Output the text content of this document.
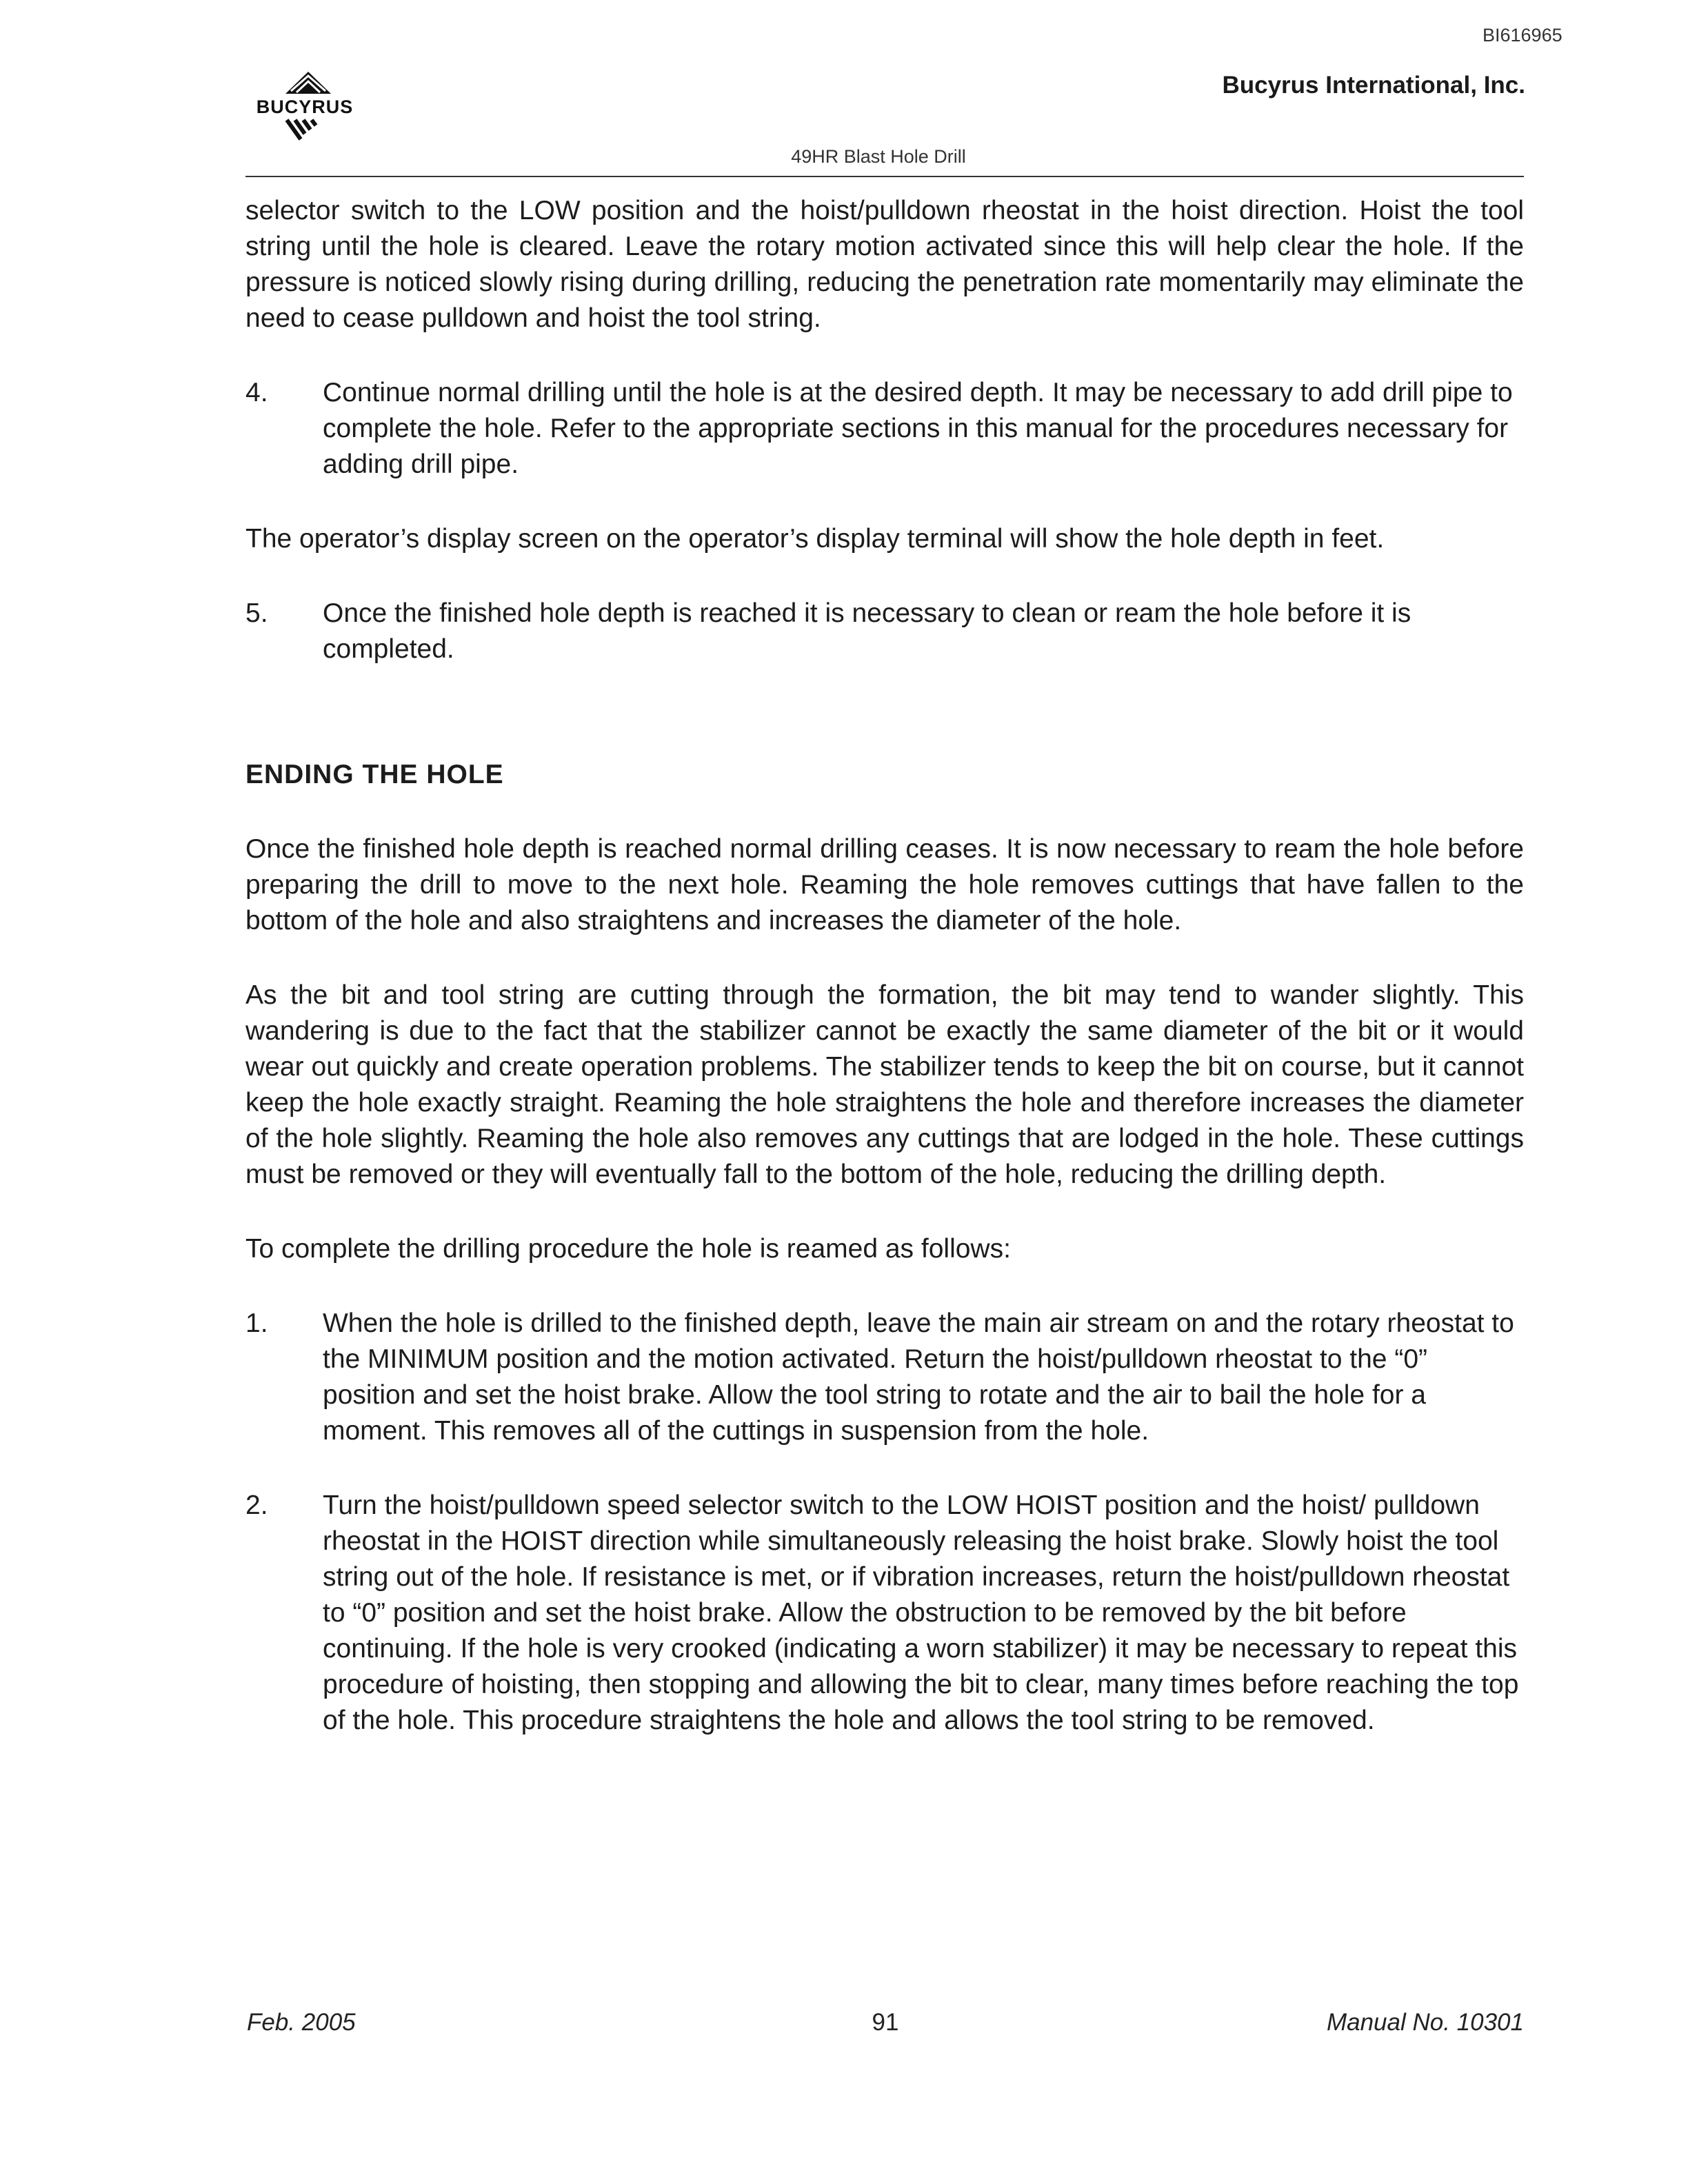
BI616965
BUCYRUS
Bucyrus International, Inc.
49HR Blast Hole Drill

selector switch to the LOW position and the hoist/pulldown rheostat in the hoist direction. Hoist the tool string until the hole is cleared. Leave the rotary motion activated since this will help clear the hole. If the pressure is noticed slowly rising during drilling, reducing the penetration rate momentarily may eliminate the need to cease pulldown and hoist the tool string.

4.	Continue normal drilling until the hole is at the desired depth. It may be necessary to add drill pipe to complete the hole. Refer to the appropriate sections in this manual for the procedures necessary for adding drill pipe.

The operator’s display screen on the operator’s display terminal will show the hole depth in feet.

5.	Once the finished hole depth is reached it is necessary to clean or ream the hole before it is completed.
ENDING THE HOLE

Once the finished hole depth is reached normal drilling ceases. It is now necessary to ream the hole before preparing the drill to move to the next hole. Reaming the hole removes cuttings that have fallen to the bottom of the hole and also straightens and increases the diameter of the hole.

As the bit and tool string are cutting through the formation, the bit may tend to wander slightly. This wandering is due to the fact that the stabilizer cannot be exactly the same diameter of the bit or it would wear out quickly and create operation problems. The stabilizer tends to keep the bit on course, but it cannot keep the hole exactly straight. Reaming the hole straightens the hole and therefore increases the diameter of the hole slightly. Reaming the hole also removes any cuttings that are lodged in the hole. These cuttings must be removed or they will eventually fall to the bottom of the hole, reducing the drilling depth.

To complete the drilling procedure the hole is reamed as follows:

1.	When the hole is drilled to the finished depth, leave the main air stream on and the rotary rheostat to the MINIMUM position and the motion activated. Return the hoist/pulldown rheostat to the “0” position and set the hoist brake. Allow the tool string to rotate and the air to bail the hole for a moment. This removes all of the cuttings in suspension from the hole.
2.	Turn the hoist/pulldown speed selector switch to the LOW HOIST position and the hoist/ pulldown rheostat in the HOIST direction while simultaneously releasing the hoist brake. Slowly hoist the tool string out of the hole. If resistance is met, or if vibration increases, return the hoist/pulldown rheostat to “0” position and set the hoist brake. Allow the obstruction to be removed by the bit before continuing. If the hole is very crooked (indicating a worn stabilizer) it may be necessary to repeat this procedure of hoisting, then stopping and allowing the bit to clear, many times before reaching the top of the hole. This procedure straightens the hole and allows the tool string to be removed.
Feb. 2005	91	Manual No. 10301
